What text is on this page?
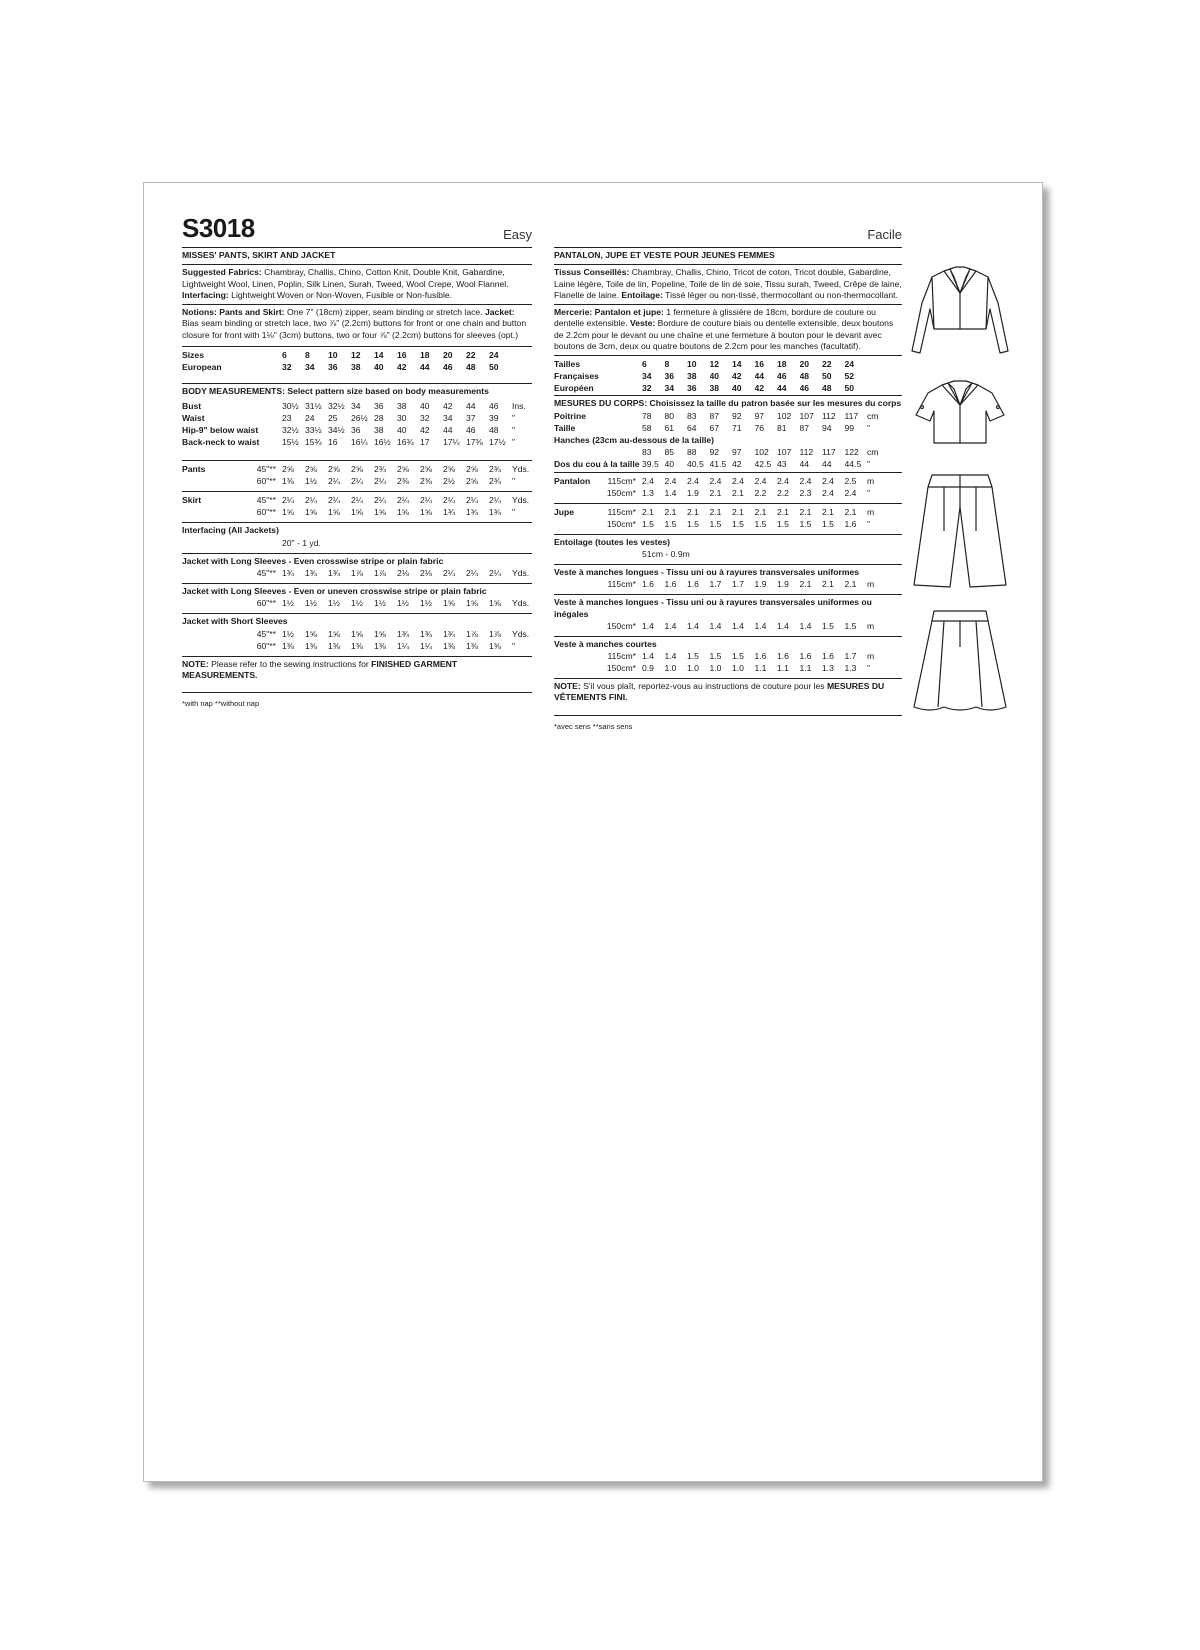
S3018	Easy
MISSES' PANTS, SKIRT AND JACKET
Suggested Fabrics: Chambray, Challis, Chino, Cotton Knit, Double Knit, Gabardine, Lightweight Wool, Linen, Poplin, Silk Linen, Surah, Tweed, Wool Crepe, Wool Flannel. Interfacing: Lightweight Woven or Non-Woven, Fusible or Non-fusible.
Notions: Pants and Skirt: One 7" (18cm) zipper, seam binding or stretch lace. Jacket: Bias seam binding or stretch lace, two ⅞" (2.2cm) buttons for front or one chain and button closure for front with 1⅛" (3cm) buttons, two or four ⅞" (2.2cm) buttons for sleeves (opt.)
Sizes	6	8	10	12	14	16	18	20	22	24
European	32	34	36	38	40	42	44	46	48	50
BODY MEASUREMENTS: Select pattern size based on body measurements
Bust	30½ 31½ 32½ 34	36	38	40	42	44	46	Ins.
Waist	23	24	25	26½ 28	30	32	34	37	39	"
Hip-9" below waist	32½ 33½ 34½ 36	38	40	42	44	46	48	"
Back-neck to waist	15½ 15¾ 16	16¼ 16½ 16¾ 17	17¼ 17⅜ 17½ "
Pants	45"** 2⅝	2⅝	2⅝	2⅝	2¾	2⅝	2⅝	2⅝	2⅝	2¾	Yds.
60"** 1⅜	1½	2¼	2¼	2¼	2⅜	2⅜	2½	2⅝	2¾	"
Skirt	45"** 2¼	2¼	2¼	2¼	2¼	2¼	2¼	2¼	2¼	2¼	Yds.
60"** 1⅝	1⅝	1⅝	1⅝	1⅝	1⅝	1⅝	1¾	1¾	1¾	"
Interfacing (All Jackets)
20" - 1 yd.
Jacket with Long Sleeves - Even crosswise stripe or plain fabric
45"** 1¾	1¾	1¾	1⅞	1⅞	2⅛	2⅛	2¼	2¼	2¼	Yds.
Jacket with Long Sleeves - Even or uneven crosswise stripe or plain fabric
60"** 1½	1½	1½	1½	1½	1½	1½	1⅝	1⅝	1⅝	Yds.
Jacket with Short Sleeves
45"** 1½	1⅝	1⅝	1⅝	1⅝	1¾	1¾	1¾	1⅞	1⅞	Yds.
60"** 1⅜	1⅜	1⅜	1⅜	1⅜	1¼	1¼	1⅜	1⅜	1⅜	"
NOTE: Please refer to the sewing instructions for FINISHED GARMENT MEASUREMENTS.
*with nap **without nap
Facile
PANTALON, JUPE ET VESTE POUR JEUNES FEMMES
Tissus Conseillés: Chambray, Challis, Chino, Tricot de coton, Tricot double, Gabardine, Laine légère, Toile de lin, Popeline, Toile de lin de soie, Tissu surah, Tweed, Crêpe de laine, Flanelle de laine. Entoilage: Tissé léger ou non-tissé, thermocollant ou non-thermocollant.
Mercerie: Pantalon et jupe: 1 fermeture à glissière de 18cm, bordure de couture ou dentelle extensible. Veste: Bordure de couture biais ou dentelle extensible, deux boutons de 2.2cm pour le devant ou une chaîne et une fermeture à bouton pour le devant avec boutons de 3cm, deux ou quatre boutons de 2.2cm pour les manches (facultatif).
Tailles	6	8	10	12	14	16	18	20	22	24
Françaises	34	36	38	40	42	44	46	48	50	52
Européen	32	34	36	38	40	42	44	46	48	50
MESURES DU CORPS: Choisissez la taille du patron basée sur les mesures du corps
Poitrine	78	80	83	87	92	97	102 107 112	117	cm
Taille	58	61	64	67	71	76	81	87	94	99	"
Hanches (23cm au-dessous de la taille)
83	85	88	92	97	102 107 112	117	122 cm
Dos du cou à la taille 39.5 40	40.5 41.5 42	42.5 43	44	44	44.5 "
Pantalon 115cm* 2.4	2.4	2.4	2.4	2.4	2.4	2.4	2.4	2.4	2.5	m
150cm* 1.3	1.4	1.9	2.1	2.1	2.2	2.2	2.3	2.4	2.4	"
Jupe	115cm* 2.1	2.1	2.1	2.1	2.1	2.1	2.1	2.1	2.1	2.1	m
150cm* 1.5	1.5	1.5	1.5	1.5	1.5	1.5	1.5	1.5	1.6	"
Entoilage (toutes les vestes)
51cm - 0.9m
Veste à manches longues - Tissu uni ou à rayures transversales uniformes
115cm* 1.6	1.6	1.6	1.7	1.7	1.9	1.9	2.1	2.1	2.1	m
Veste à manches longues - Tissu uni ou à rayures transversales uniformes ou inégales
150cm* 1.4	1.4	1.4	1.4	1.4	1.4	1.4	1.4	1.5	1.5	m
Veste à manches courtes
115cm* 1.4	1.4	1.5	1.5	1.5	1.6	1.6	1.6	1.6	1.7	m
150cm* 0.9	1.0	1.0	1.0	1.0	1.1	1.1	1.1	1.3	1.3	"
NOTE: S'il vous plaît, reportez-vous au instructions de couture pour les MESURES DU VÊTEMENTS FINI.
*avec sens **sans sens
